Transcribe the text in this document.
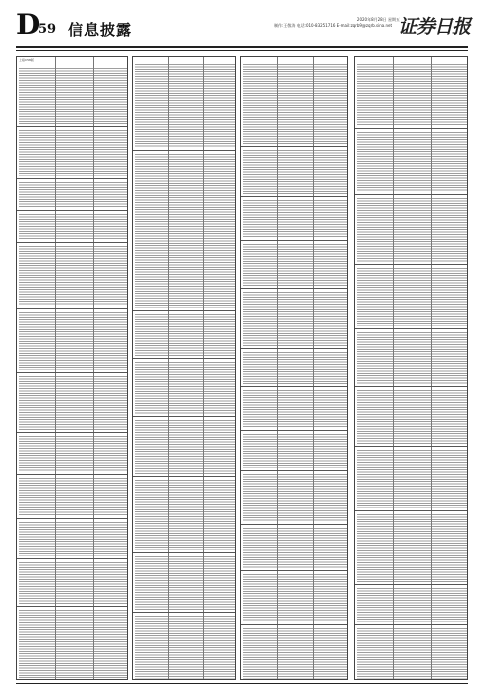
D
59 信息披露
2020年8月28日 星期五
制作:王敬涛 电话:010-83251716 E-mail:zqrb9@zqrb.sina.net 证券日报
上接C58版
